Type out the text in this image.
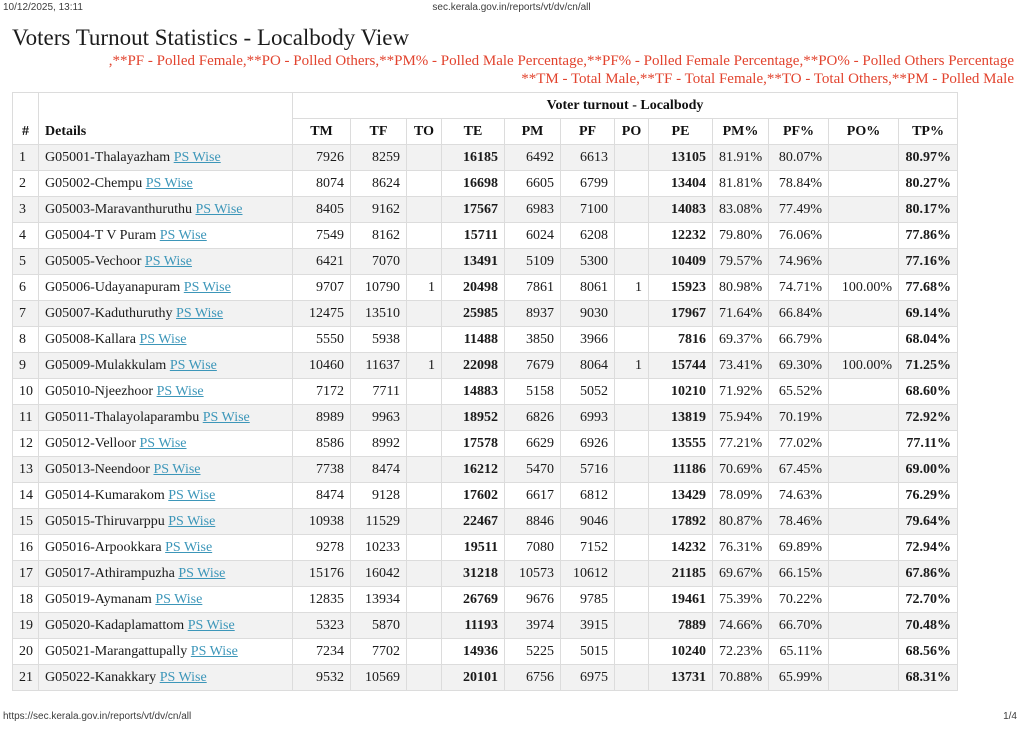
10/12/2025, 13:11	sec.kerala.gov.in/reports/vt/dv/cn/all
Voters Turnout Statistics - Localbody View
,**PF - Polled Female,**PO - Polled Others,**PM% - Polled Male Percentage,**PF% - Polled Female Percentage,**PO% - Polled Others Percentage
**TM - Total Male,**TF - Total Female,**TO - Total Others,**PM - Polled Male
#	Details	Voter turnout - Localbody											
		TM	TF	TO	TE	PM	PF	PO	PE	PM%	PF%	PO%	TP%
1	G05001-Thalayazham PS Wise	7926	8259		16185	6492	6613		13105	81.91%	80.07%		80.97%
2	G05002-Chempu PS Wise	8074	8624		16698	6605	6799		13404	81.81%	78.84%		80.27%
3	G05003-Maravanthuruthu PS Wise	8405	9162		17567	6983	7100		14083	83.08%	77.49%		80.17%
4	G05004-T V Puram PS Wise	7549	8162		15711	6024	6208		12232	79.80%	76.06%		77.86%
5	G05005-Vechoor PS Wise	6421	7070		13491	5109	5300		10409	79.57%	74.96%		77.16%
6	G05006-Udayanapuram PS Wise	9707	10790	1	20498	7861	8061	1	15923	80.98%	74.71%	100.00%	77.68%
7	G05007-Kaduthuruthy PS Wise	12475	13510		25985	8937	9030		17967	71.64%	66.84%		69.14%
8	G05008-Kallara PS Wise	5550	5938		11488	3850	3966		7816	69.37%	66.79%		68.04%
9	G05009-Mulakkulam PS Wise	10460	11637	1	22098	7679	8064	1	15744	73.41%	69.30%	100.00%	71.25%
10	G05010-Njeezhoor PS Wise	7172	7711		14883	5158	5052		10210	71.92%	65.52%		68.60%
11	G05011-Thalayolaparambu PS Wise	8989	9963		18952	6826	6993		13819	75.94%	70.19%		72.92%
12	G05012-Velloor PS Wise	8586	8992		17578	6629	6926		13555	77.21%	77.02%		77.11%
13	G05013-Neendoor PS Wise	7738	8474		16212	5470	5716		11186	70.69%	67.45%		69.00%
14	G05014-Kumarakom PS Wise	8474	9128		17602	6617	6812		13429	78.09%	74.63%		76.29%
15	G05015-Thiruvarppu PS Wise	10938	11529		22467	8846	9046		17892	80.87%	78.46%		79.64%
16	G05016-Arpookkara PS Wise	9278	10233		19511	7080	7152		14232	76.31%	69.89%		72.94%
17	G05017-Athirampuzha PS Wise	15176	16042		31218	10573	10612		21185	69.67%	66.15%		67.86%
18	G05019-Aymanam PS Wise	12835	13934		26769	9676	9785		19461	75.39%	70.22%		72.70%
19	G05020-Kadaplamattom PS Wise	5323	5870		11193	3974	3915		7889	74.66%	66.70%		70.48%
20	G05021-Marangattupally PS Wise	7234	7702		14936	5225	5015		10240	72.23%	65.11%		68.56%
21	G05022-Kanakkary PS Wise	9532	10569		20101	6756	6975		13731	70.88%	65.99%		68.31%
https://sec.kerala.gov.in/reports/vt/dv/cn/all	1/4
